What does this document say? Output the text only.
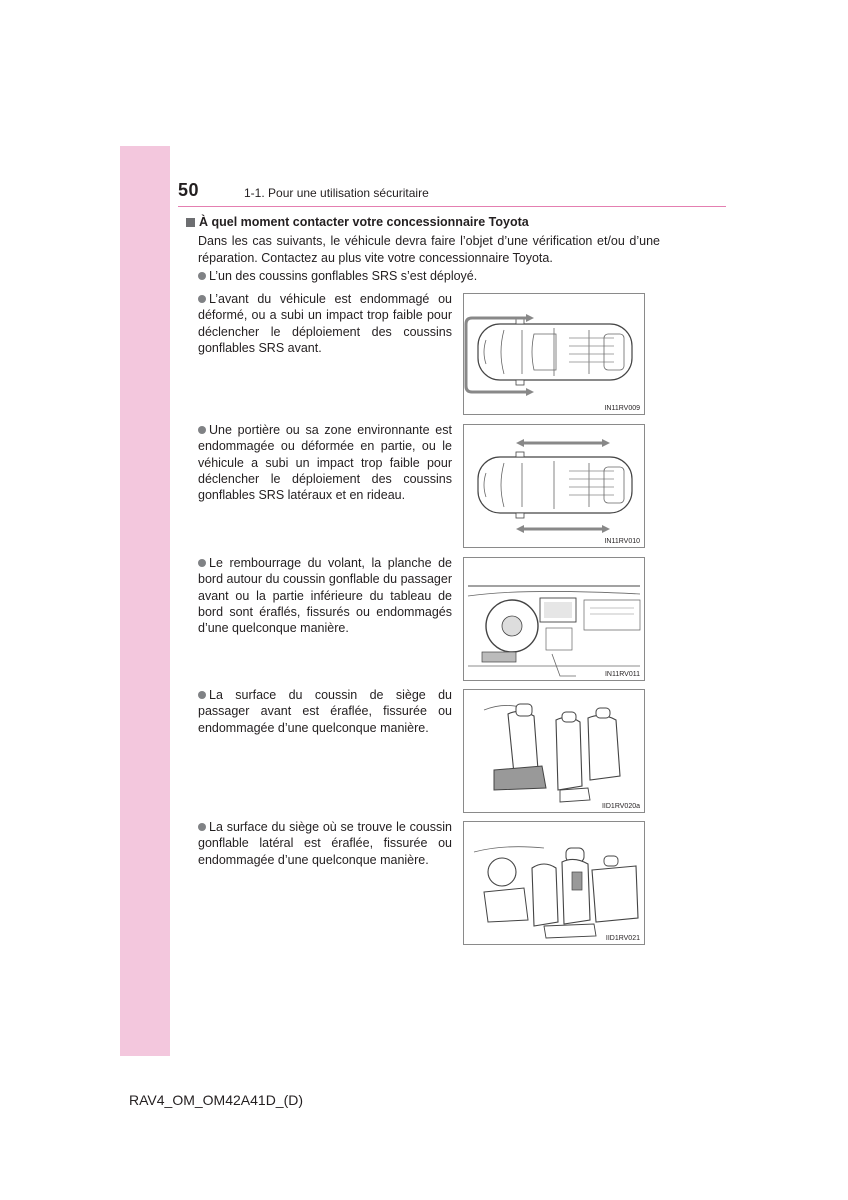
50	1-1. Pour une utilisation sécuritaire
À quel moment contacter votre concessionnaire Toyota
Dans les cas suivants, le véhicule devra faire l’objet d’une vérification et/ou d’une réparation. Contactez au plus vite votre concessionnaire Toyota.
L’un des coussins gonflables SRS s’est déployé.
L’avant du véhicule est endommagé ou déformé, ou a subi un impact trop faible pour déclencher le déploiement des coussins gonflables SRS avant.
IN11RV009
Une portière ou sa zone environnante est endommagée ou déformée en partie, ou le véhicule a subi un impact trop faible pour déclencher le déploiement des coussins gonflables SRS latéraux et en rideau.
IN11RV010
Le rembourrage du volant, la planche de bord autour du coussin gonflable du passager avant ou la partie inférieure du tableau de bord sont éraflés, fissurés ou endommagés d’une quelconque manière.
IN11RV011
La surface du coussin de siège du passager avant est éraflée, fissurée ou endommagée d’une quelconque manière.
IID1RV020a
La surface du siège où se trouve le coussin gonflable latéral est éraflée, fissurée ou endommagée d’une quelconque manière.
IID1RV021
RAV4_OM_OM42A41D_(D)
